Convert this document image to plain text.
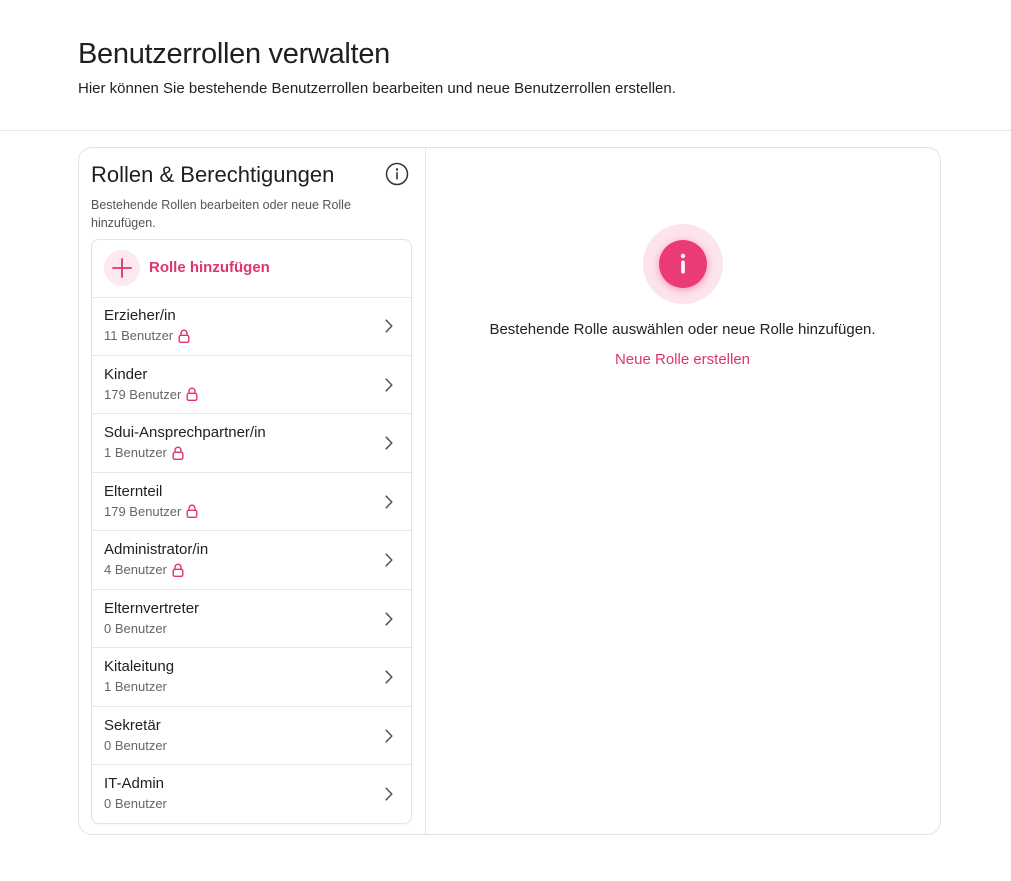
Benutzerrollen verwalten

Hier können Sie bestehende Benutzerrollen bearbeiten und neue Benutzerrollen erstellen.

Rollen & Berechtigungen

Bestehende Rollen bearbeiten oder neue Rolle hinzufügen.

Rolle hinzufügen
Erzieher/in
11 Benutzer
Kinder
179 Benutzer
Sdui-Ansprechpartner/in
1 Benutzer
Elternteil
179 Benutzer
Administrator/in
4 Benutzer
Elternvertreter
0 Benutzer
Kitaleitung
1 Benutzer
Sekretär
0 Benutzer
IT-Admin
0 Benutzer
Bestehende Rolle auswählen oder neue Rolle hinzufügen.
Neue Rolle erstellen
